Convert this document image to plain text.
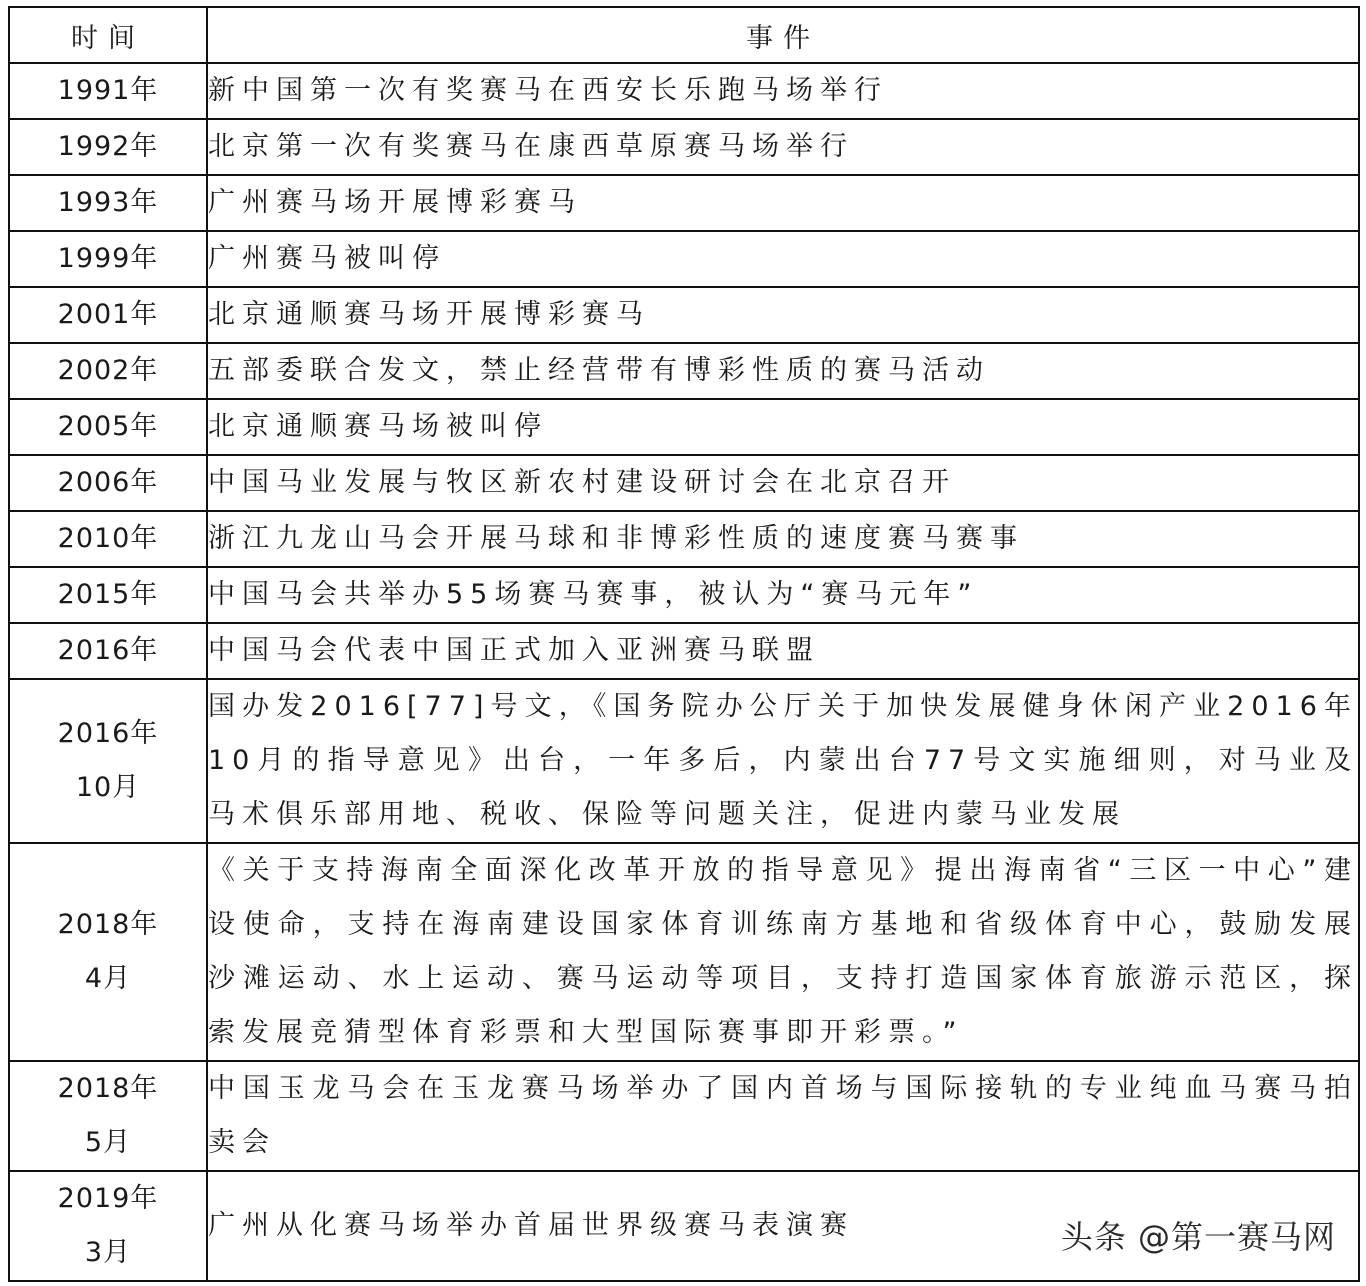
时间	事件

1991年	新中国第一次有奖赛马在西安长乐跑马场举行

1992年	北京第一次有奖赛马在康西草原赛马场举行

1993年	广州赛马场开展博彩赛马

1999年	广州赛马被叫停

2001年	北京通顺赛马场开展博彩赛马

2002年	五部委联合发文，禁止经营带有博彩性质的赛马活动

2005年	北京通顺赛马场被叫停

2006年	中国马业发展与牧区新农村建设研讨会在北京召开

2010年	浙江九龙山马会开展马球和非博彩性质的速度赛马赛事

2015年	中国马会共举办55场赛马赛事，被认为“赛马元年”

2016年	中国马会代表中国正式加入亚洲赛马联盟

2016年
10月	国办发2016[77]号文，《国务院办公厅关于加快发展健身休闲产业2016年10月的指导意见》出台，一年多后，内蒙出台77号文实施细则，对马业及马术俱乐部用地、税收、保险等问题关注，促进内蒙马业发展

2018年
4月	《关于支持海南全面深化改革开放的指导意见》提出海南省“三区一中心”建设使命，支持在海南建设国家体育训练南方基地和省级体育中心，鼓励发展沙滩运动、水上运动、赛马运动等项目，支持打造国家体育旅游示范区，探索发展竞猜型体育彩票和大型国际赛事即开彩票。”

2018年
5月	中国玉龙马会在玉龙赛马场举办了国内首场与国际接轨的专业纯血马赛马拍卖会

2019年
3月	广州从化赛马场举办首届世界级赛马表演赛	头条 @第一赛马网
